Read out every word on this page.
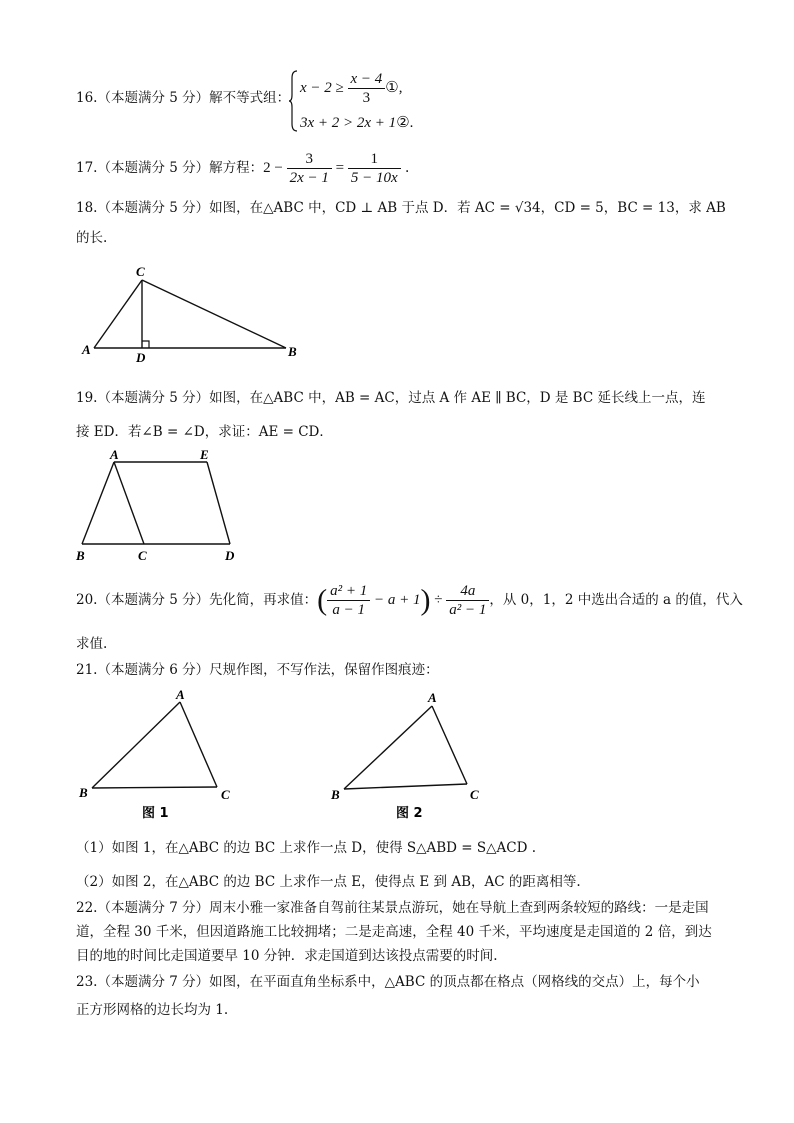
16.（本题满分 5 分）解不等式组：
$x - 2 \ge \frac{x - 4}{3}$ ①,
3x + 2 > 2x + 1②.
17.（本题满分 5 分）解方程：$2 - \frac{3}{2x - 1} = \frac{1}{5 - 10x}$ .
18.（本题满分 5 分）如图，在△ABC 中，CD ⊥ AB 于点 D．若 AC = √34，CD = 5，BC = 13，求 AB
的长.
C
A
D	B
19.（本题满分 5 分）如图，在△ABC 中，AB = AC，过点 A 作 AE ∥ BC，D 是 BC 延长线上一点，连
接 ED．若∠B = ∠D，求证：AE = CD．
A	E
B	C	D
20.（本题满分 5 分）先化简，再求值：( $\frac{\text{a² + 1}}{a - 1} - a + 1) \div \frac{4a}{\text{a² − 1}}$ ，从 0，1，2 中选出合适的 a 的值，代入
求值.
21.（本题满分 6 分）尺规作图，不写作法，保留作图痕迹：
A
B	C
图 1
A
B	C
图 2
（1）如图 1，在△ABC 的边 BC 上求作一点 D，使得 S△ABD = S△ACD .
（2）如图 2，在△ABC 的边 BC 上求作一点 E，使得点 E 到 AB，AC 的距离相等.
22.（本题满分 7 分）周末小雅一家准备自驾前往某景点游玩，她在导航上查到两条较短的路线：一是走国
道，全程 30 千米，但因道路施工比较拥堵；二是走高速，全程 40 千米，平均速度是走国道的 2 倍，到达
目的地的时间比走国道要早 10 分钟．求走国道到达该投点需要的时间.
23.（本题满分 7 分）如图，在平面直角坐标系中，△ABC 的顶点都在格点（网格线的交点）上，每个小
正方形网格的边长均为 1.
